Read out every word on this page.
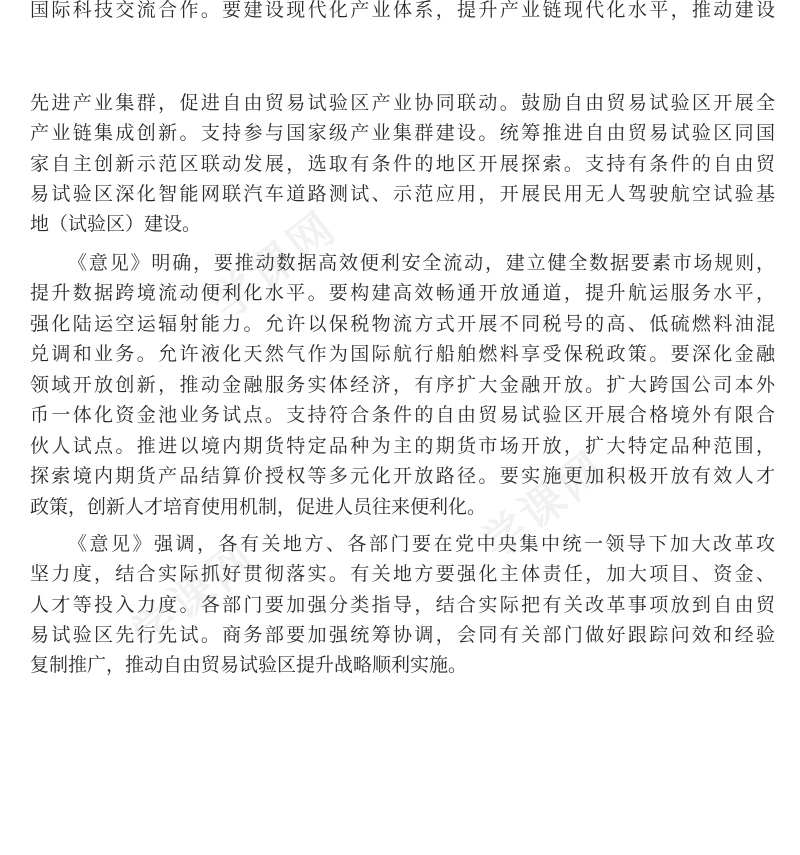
学课网
学课网
学课网
国际科技交流合作。要建设现代化产业体系，提升产业链现代化水平，推动建设
先进产业集群，促进自由贸易试验区产业协同联动。鼓励自由贸易试验区开展全
产业链集成创新。支持参与国家级产业集群建设。统筹推进自由贸易试验区同国
家自主创新示范区联动发展，选取有条件的地区开展探索。支持有条件的自由贸
易试验区深化智能网联汽车道路测试、示范应用，开展民用无人驾驶航空试验基
地（试验区）建设。
《意见》明确，要推动数据高效便利安全流动，建立健全数据要素市场规则，
提升数据跨境流动便利化水平。要构建高效畅通开放通道，提升航运服务水平，
强化陆运空运辐射能力。允许以保税物流方式开展不同税号的高、低硫燃料油混
兑调和业务。允许液化天然气作为国际航行船舶燃料享受保税政策。要深化金融
领域开放创新，推动金融服务实体经济，有序扩大金融开放。扩大跨国公司本外
币一体化资金池业务试点。支持符合条件的自由贸易试验区开展合格境外有限合
伙人试点。推进以境内期货特定品种为主的期货市场开放，扩大特定品种范围，
探索境内期货产品结算价授权等多元化开放路径。要实施更加积极开放有效人才
政策，创新人才培育使用机制，促进人员往来便利化。
《意见》强调，各有关地方、各部门要在党中央集中统一领导下加大改革攻
坚力度，结合实际抓好贯彻落实。有关地方要强化主体责任，加大项目、资金、
人才等投入力度。各部门要加强分类指导，结合实际把有关改革事项放到自由贸
易试验区先行先试。商务部要加强统筹协调，会同有关部门做好跟踪问效和经验
复制推广，推动自由贸易试验区提升战略顺利实施。
